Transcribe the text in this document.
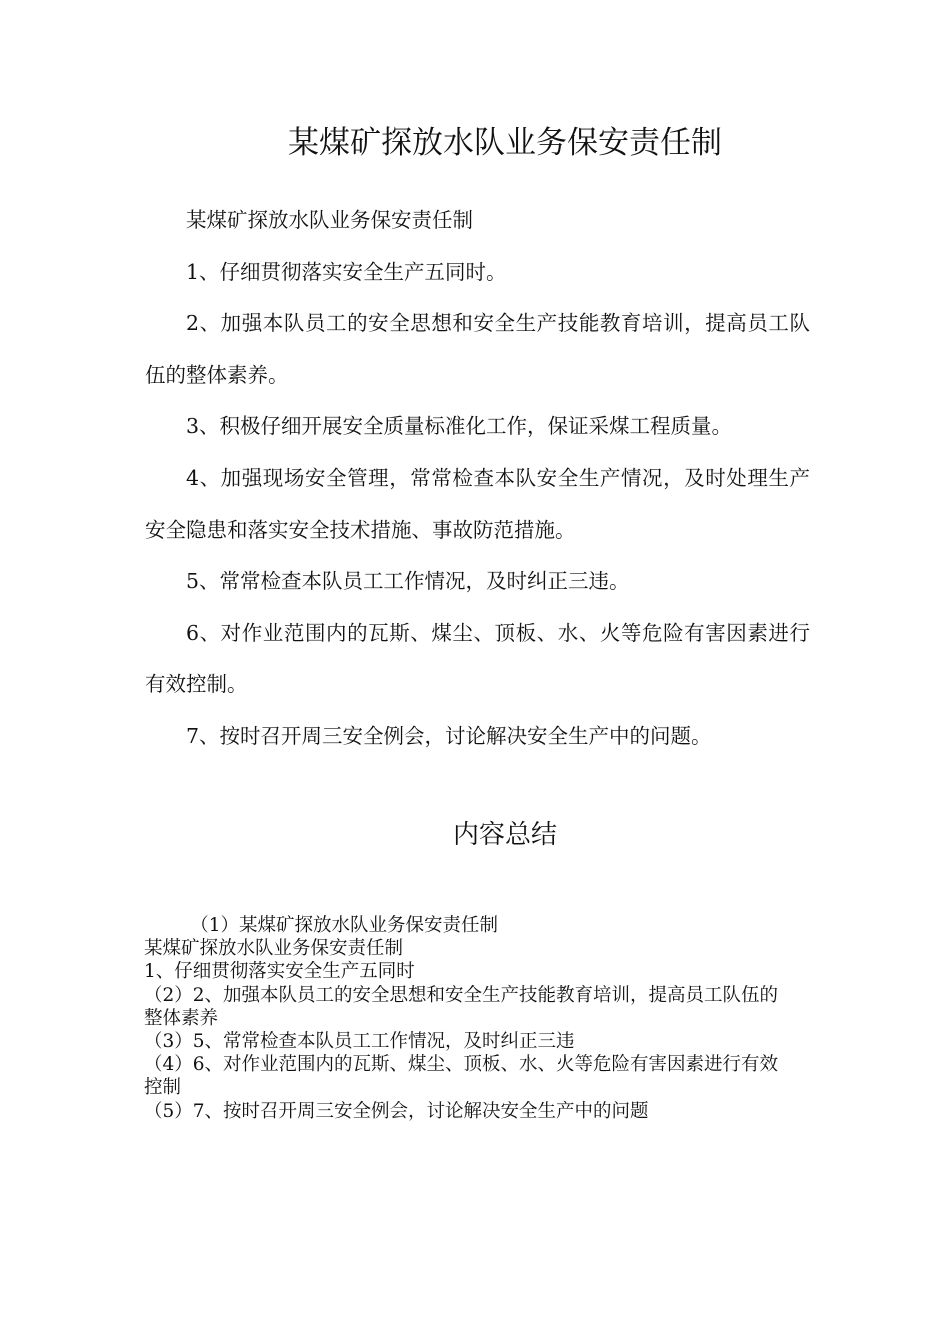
某煤矿探放水队业务保安责任制

某煤矿探放水队业务保安责任制

1、仔细贯彻落实安全生产五同时。

2、加强本队员工的安全思想和安全生产技能教育培训，提高员工队伍的整体素养。

3、积极仔细开展安全质量标准化工作，保证采煤工程质量。

4、加强现场安全管理，常常检查本队安全生产情况，及时处理生产安全隐患和落实安全技术措施、事故防范措施。

5、常常检查本队员工工作情况，及时纠正三违。

6、对作业范围内的瓦斯、煤尘、顶板、水、火等危险有害因素进行有效控制。

7、按时召开周三安全例会，讨论解决安全生产中的问题。

内容总结
（1）某煤矿探放水队业务保安责任制
某煤矿探放水队业务保安责任制
1、仔细贯彻落实安全生产五同时
（2）2、加强本队员工的安全思想和安全生产技能教育培训，提高员工队伍的整体素养
（3）5、常常检查本队员工工作情况，及时纠正三违
（4）6、对作业范围内的瓦斯、煤尘、顶板、水、火等危险有害因素进行有效控制
（5）7、按时召开周三安全例会，讨论解决安全生产中的问题
